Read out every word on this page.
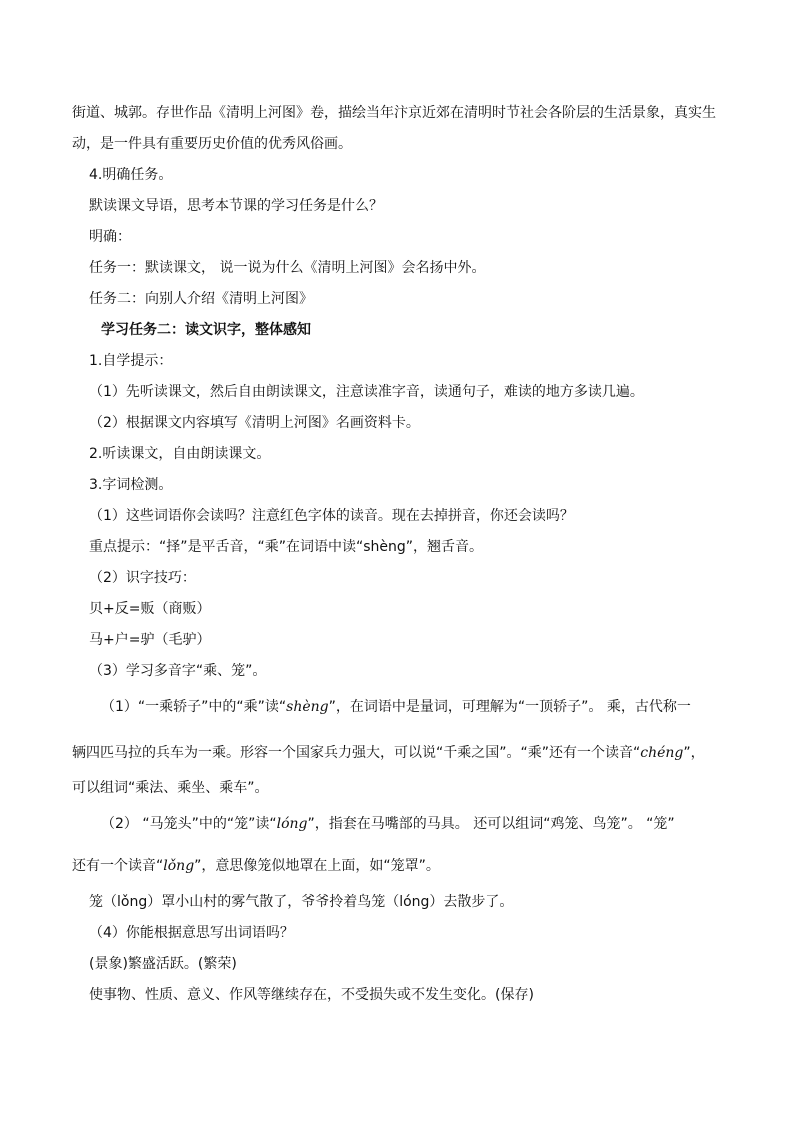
街道、城郭。存世作品《清明上河图》卷，描绘当年汴京近郊在清明时节社会各阶层的生活景象，真实生
动，是一件具有重要历史价值的优秀风俗画。
4.明确任务。
默读课文导语，思考本节课的学习任务是什么？
明确：
任务一：默读课文， 说一说为什么《清明上河图》会名扬中外。
任务二：向别人介绍《清明上河图》
学习任务二：读文识字，整体感知
1.自学提示：
（1）先听读课文，然后自由朗读课文，注意读准字音，读通句子，难读的地方多读几遍。
（2）根据课文内容填写《清明上河图》名画资料卡。
2.听读课文，自由朗读课文。
3.字词检测。
（1）这些词语你会读吗？注意红色字体的读音。现在去掉拼音，你还会读吗？
重点提示：“择”是平舌音，“乘”在词语中读“shèng”，翘舌音。
（2）识字技巧：
贝+反=贩（商贩）
马+户=驴（毛驴）
（3）学习多音字“乘、笼”。
（1）“一乘轿子”中的“乘”读“shèng”，在词语中是量词，可理解为“一顶轿子”。 乘，古代称一
辆四匹马拉的兵车为一乘。形容一个国家兵力强大，可以说“千乘之国”。“乘”还有一个读音“chéng”，
可以组词“乘法、乘坐、乘车”。
（2） “马笼头”中的“笼”读“lóng”，指套在马嘴部的马具。 还可以组词“鸡笼、鸟笼”。 “笼”
还有一个读音“lǒng”，意思像笼似地罩在上面，如“笼罩”。
笼（lǒng）罩小山村的雾气散了，爷爷拎着鸟笼（lóng）去散步了。
（4）你能根据意思写出词语吗？
(景象)繁盛活跃。(繁荣)
使事物、性质、意义、作风等继续存在，不受损失或不发生变化。(保存)
